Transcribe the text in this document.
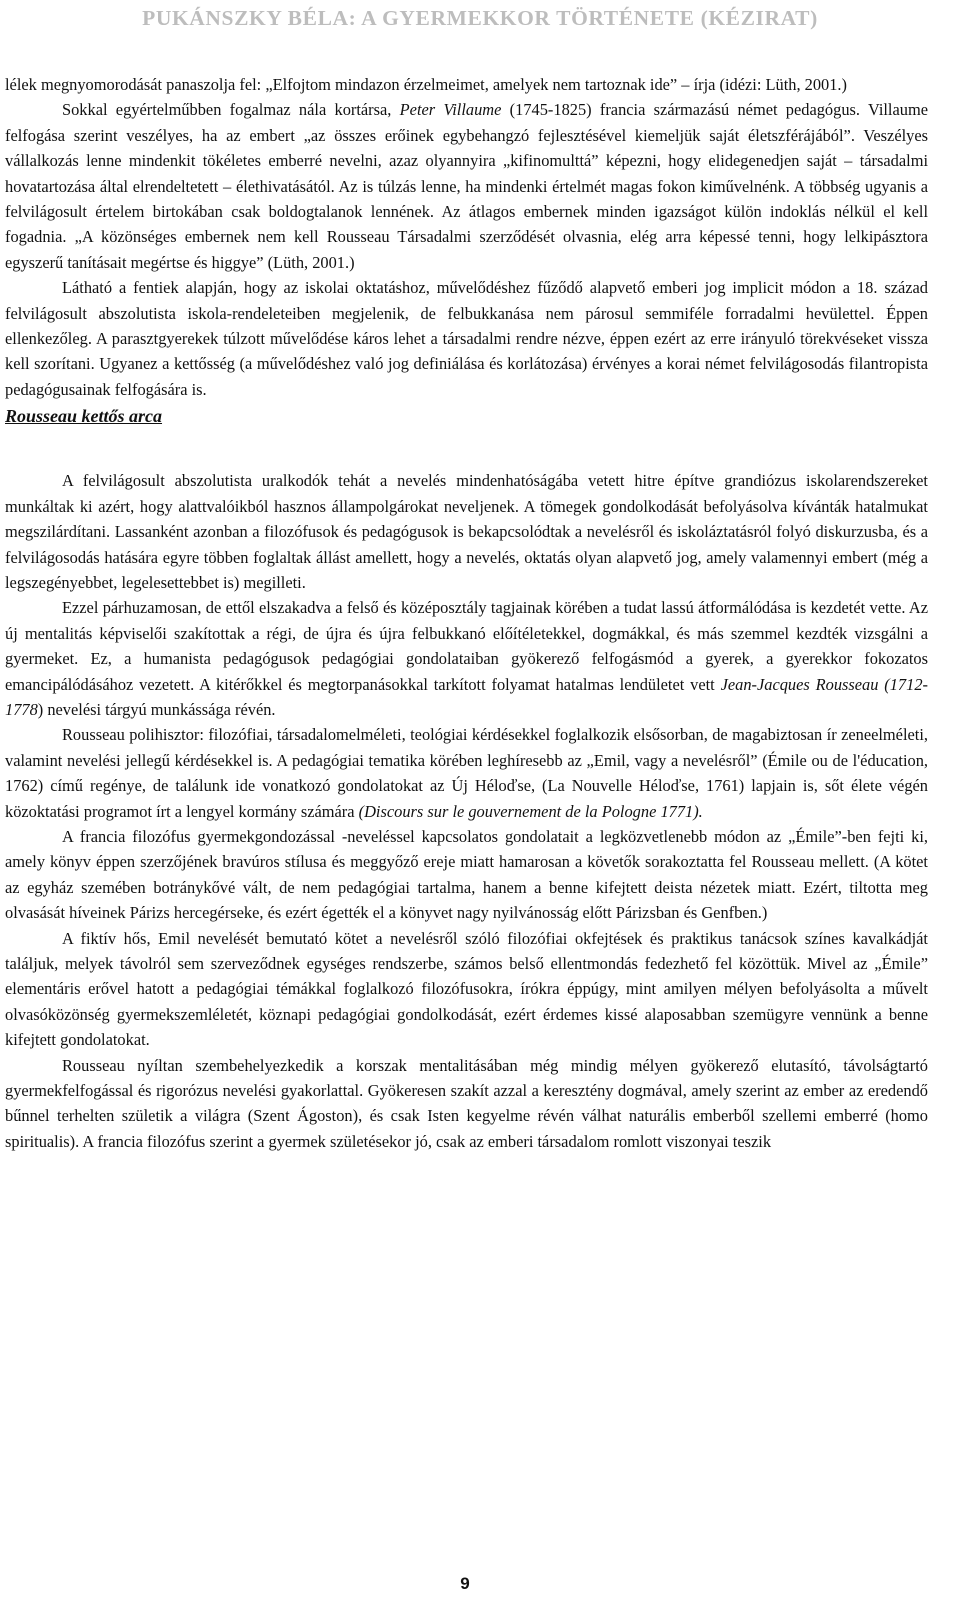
PUKÁNSZKY BÉLA: A GYERMEKKOR TÖRTÉNETE (KÉZIRAT)

lélek megnyomorodását panaszolja fel: „Elfojtom mindazon érzelmeimet, amelyek nem tartoznak ide” – írja (idézi: Lüth, 2001.)

Sokkal egyértelműbben fogalmaz nála kortársa, Peter Villaume (1745-1825) francia származású német pedagógus. Villaume felfogása szerint veszélyes, ha az embert „az összes erőinek egybehangzó fejlesztésével kiemeljük saját életszférájából”. Veszélyes vállalkozás lenne mindenkit tökéletes emberré nevelni, azaz olyannyira „kifinomulttá” képezni, hogy elidegenedjen saját – társadalmi hovatartozása által elrendeltetett – élethivatásától. Az is túlzás lenne, ha mindenki értelmét magas fokon kiművelnénk. A többség ugyanis a felvilágosult értelem birtokában csak boldogtalanok lennének. Az átlagos embernek minden igazságot külön indoklás nélkül el kell fogadnia. „A közönséges embernek nem kell Rousseau Társadalmi szerződését olvasnia, elég arra képessé tenni, hogy lelkipásztora egyszerű tanításait megértse és higgye” (Lüth, 2001.)

Látható a fentiek alapján, hogy az iskolai oktatáshoz, művelődéshez fűződő alapvető emberi jog implicit módon a 18. század felvilágosult abszolutista iskola-rendeleteiben megjelenik, de felbukkanása nem párosul semmiféle forradalmi hevülettel. Éppen ellenkezőleg. A parasztgyerekek túlzott művelődése káros lehet a társadalmi rendre nézve, éppen ezért az erre irányuló törekvéseket vissza kell szorítani. Ugyanez a kettősség (a művelődéshez való jog definiálása és korlátozása) érvényes a korai német felvilágosodás filantropista pedagógusainak felfogására is.

Rousseau kettős arca

A felvilágosult abszolutista uralkodók tehát a nevelés mindenhatóságába vetett hitre építve grandiózus iskolarendszereket munkáltak ki azért, hogy alattvalóikból hasznos állampolgárokat neveljenek. A tömegek gondolkodását befolyásolva kívánták hatalmukat megszilárdítani. Lassanként azonban a filozófusok és pedagógusok is bekapcsolódtak a nevelésről és iskoláztatásról folyó diskurzusba, és a felvilágosodás hatására egyre többen foglaltak állást amellett, hogy a nevelés, oktatás olyan alapvető jog, amely valamennyi embert (még a legszegényebbet, legelesettebbet is) megilleti.

Ezzel párhuzamosan, de ettől elszakadva a felső és középosztály tagjainak körében a tudat lassú átformálódása is kezdetét vette. Az új mentalitás képviselői szakítottak a régi, de újra és újra felbukkanó előítéletekkel, dogmákkal, és más szemmel kezdték vizsgálni a gyermeket. Ez, a humanista pedagógusok pedagógiai gondolataiban gyökerező felfogásmód a gyerek, a gyerekkor fokozatos emancipálódásához vezetett. A kitérőkkel és megtorpanásokkal tarkított folyamat hatalmas lendületet vett Jean-Jacques Rousseau (1712-1778) nevelési tárgyú munkássága révén.

Rousseau polihisztor: filozófiai, társadalomelméleti, teológiai kérdésekkel foglalkozik elsősorban, de magabiztosan ír zeneelméleti, valamint nevelési jellegű kérdésekkel is. A pedagógiai tematika körében leghíresebb az „Emil, vagy a nevelésről” (Émile ou de l'éducation, 1762) című regénye, de találunk ide vonatkozó gondolatokat az Új Héloďse, (La Nouvelle Héloďse, 1761) lapjain is, sőt élete végén közoktatási programot írt a lengyel kormány számára (Discours sur le gouvernement de la Pologne 1771).

A francia filozófus gyermekgondozással -neveléssel kapcsolatos gondolatait a legközvetlenebb módon az „Émile”-ben fejti ki, amely könyv éppen szerzőjének bravúros stílusa és meggyőző ereje miatt hamarosan a követők sorakoztatta fel Rousseau mellett. (A kötet az egyház szemében botránykővé vált, de nem pedagógiai tartalma, hanem a benne kifejtett deista nézetek miatt. Ezért, tiltotta meg olvasását híveinek Párizs hercegérseke, és ezért égették el a könyvet nagy nyilvánosság előtt Párizsban és Genfben.)

A fiktív hős, Emil nevelését bemutató kötet a nevelésről szóló filozófiai okfejtések és praktikus tanácsok színes kavalkádját találjuk, melyek távolról sem szerveződnek egységes rendszerbe, számos belső ellentmondás fedezhető fel közöttük. Mivel az „Émile” elementáris erővel hatott a pedagógiai témákkal foglalkozó filozófusokra, írókra éppúgy, mint amilyen mélyen befolyásolta a művelt olvasóközönség gyermekszemléletét, köznapi pedagógiai gondolkodását, ezért érdemes kissé alaposabban szemügyre vennünk a benne kifejtett gondolatokat.

Rousseau nyíltan szembehelyezkedik a korszak mentalitásában még mindig mélyen gyökerező elutasító, távolságtartó gyermekfelfogással és rigorózus nevelési gyakorlattal. Gyökeresen szakít azzal a keresztény dogmával, amely szerint az ember az eredendő bűnnel terhelten születik a világra (Szent Ágoston), és csak Isten kegyelme révén válhat naturális emberből szellemi emberré (homo spiritualis). A francia filozófus szerint a gyermek születésekor jó, csak az emberi társadalom romlott viszonyai teszik

9
